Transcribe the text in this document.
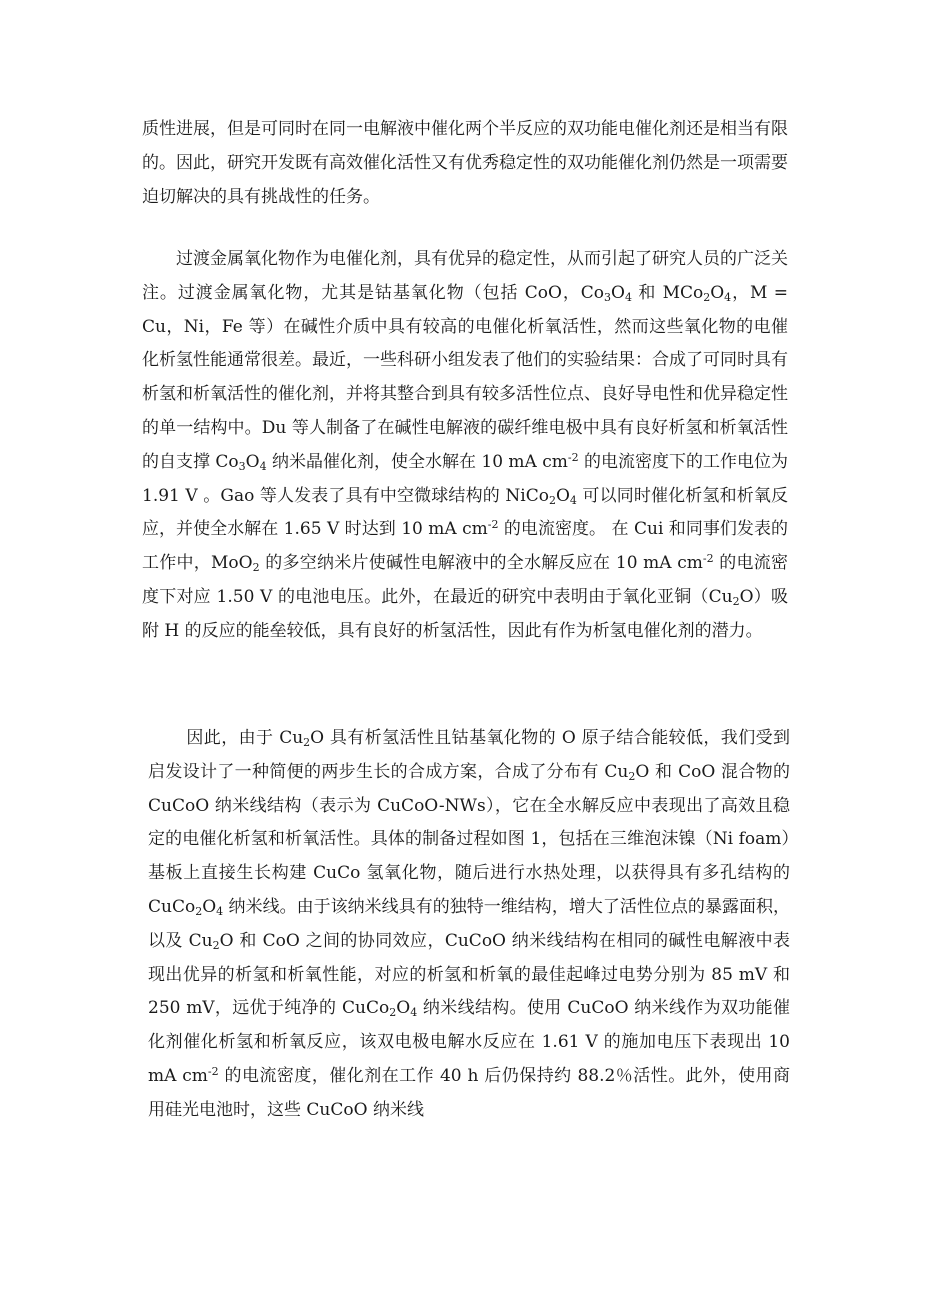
质性进展，但是可同时在同一电解液中催化两个半反应的双功能电催化剂还是相当有限的。因此，研究开发既有高效催化活性又有优秀稳定性的双功能催化剂仍然是一项需要迫切解决的具有挑战性的任务。

过渡金属氧化物作为电催化剂，具有优异的稳定性，从而引起了研究人员的广泛关注。过渡金属氧化物，尤其是钴基氧化物（包括 CoO，$Co_3O_4$ 和 $MCo_2O_4$，M = Cu，Ni，Fe 等）在碱性介质中具有较高的电催化析氧活性，然而这些氧化物的电催化析氢性能通常很差。最近，一些科研小组发表了他们的实验结果：合成了可同时具有析氢和析氧活性的催化剂，并将其整合到具有较多活性位点、良好导电性和优异稳定性的单一结构中。Du 等人制备了在碱性电解液的碳纤维电极中具有良好析氢和析氧活性的自支撑 $Co_3O_4$ 纳米晶催化剂，使全水解在 10 mA $cm^{-2}$ 的电流密度下的工作电位为 1.91 V 。Gao 等人发表了具有中空微球结构的 $NiCo_2O_4$ 可以同时催化析氢和析氧反应，并使全水解在 1.65 V 时达到 10 mA $cm^{-2}$ 的电流密度。 在 Cui 和同事们发表的工作中，MoO$_2$ 的多空纳米片使碱性电解液中的全水解反应在 10 mA $cm^{-2}$ 的电流密度下对应 1.50 V 的电池电压。此外，在最近的研究中表明由于氧化亚铜$(Cu_2O)$吸附 H 的反应的能垒较低，具有良好的析氢活性，因此有作为析氢电催化剂的潜力。

因此，由于 $Cu_2O$ 具有析氢活性且钴基氧化物的 O 原子结合能较低，我们受到启发设计了一种简便的两步生长的合成方案，合成了分布有 $Cu_2O$ 和 CoO 混合物的 CuCoO 纳米线结构（表示为 CuCoO-NWs），它在全水解反应中表现出了高效且稳定的电催化析氢和析氧活性。具体的制备过程如图 1，包括在三维泡沫镍（Ni foam）基板上直接生长构建 CuCo 氢氧化物，随后进行水热处理，以获得具有多孔结构的 $CuCo_2O_4$ 纳米线。由于该纳米线具有的独特一维结构，增大了活性位点的暴露面积，以及 $Cu_2O$ 和 CoO 之间的协同效应，CuCoO 纳米线结构在相同的碱性电解液中表现出优异的析氢和析氧性能，对应的析氢和析氧的最佳起峰过电势分别为 85 mV 和 250 mV，远优于纯净的 $CuCo_2O_4$ 纳米线结构。使用 CuCoO 纳米线作为双功能催化剂催化析氢和析氧反应，该双电极电解水反应在 1.61 V 的施加电压下表现出 10 mA $cm^{-2}$ 的电流密度，催化剂在工作 40 h 后仍保持约 88.2％活性。此外，使用商用硅光电池时，这些 CuCoO 纳米线
